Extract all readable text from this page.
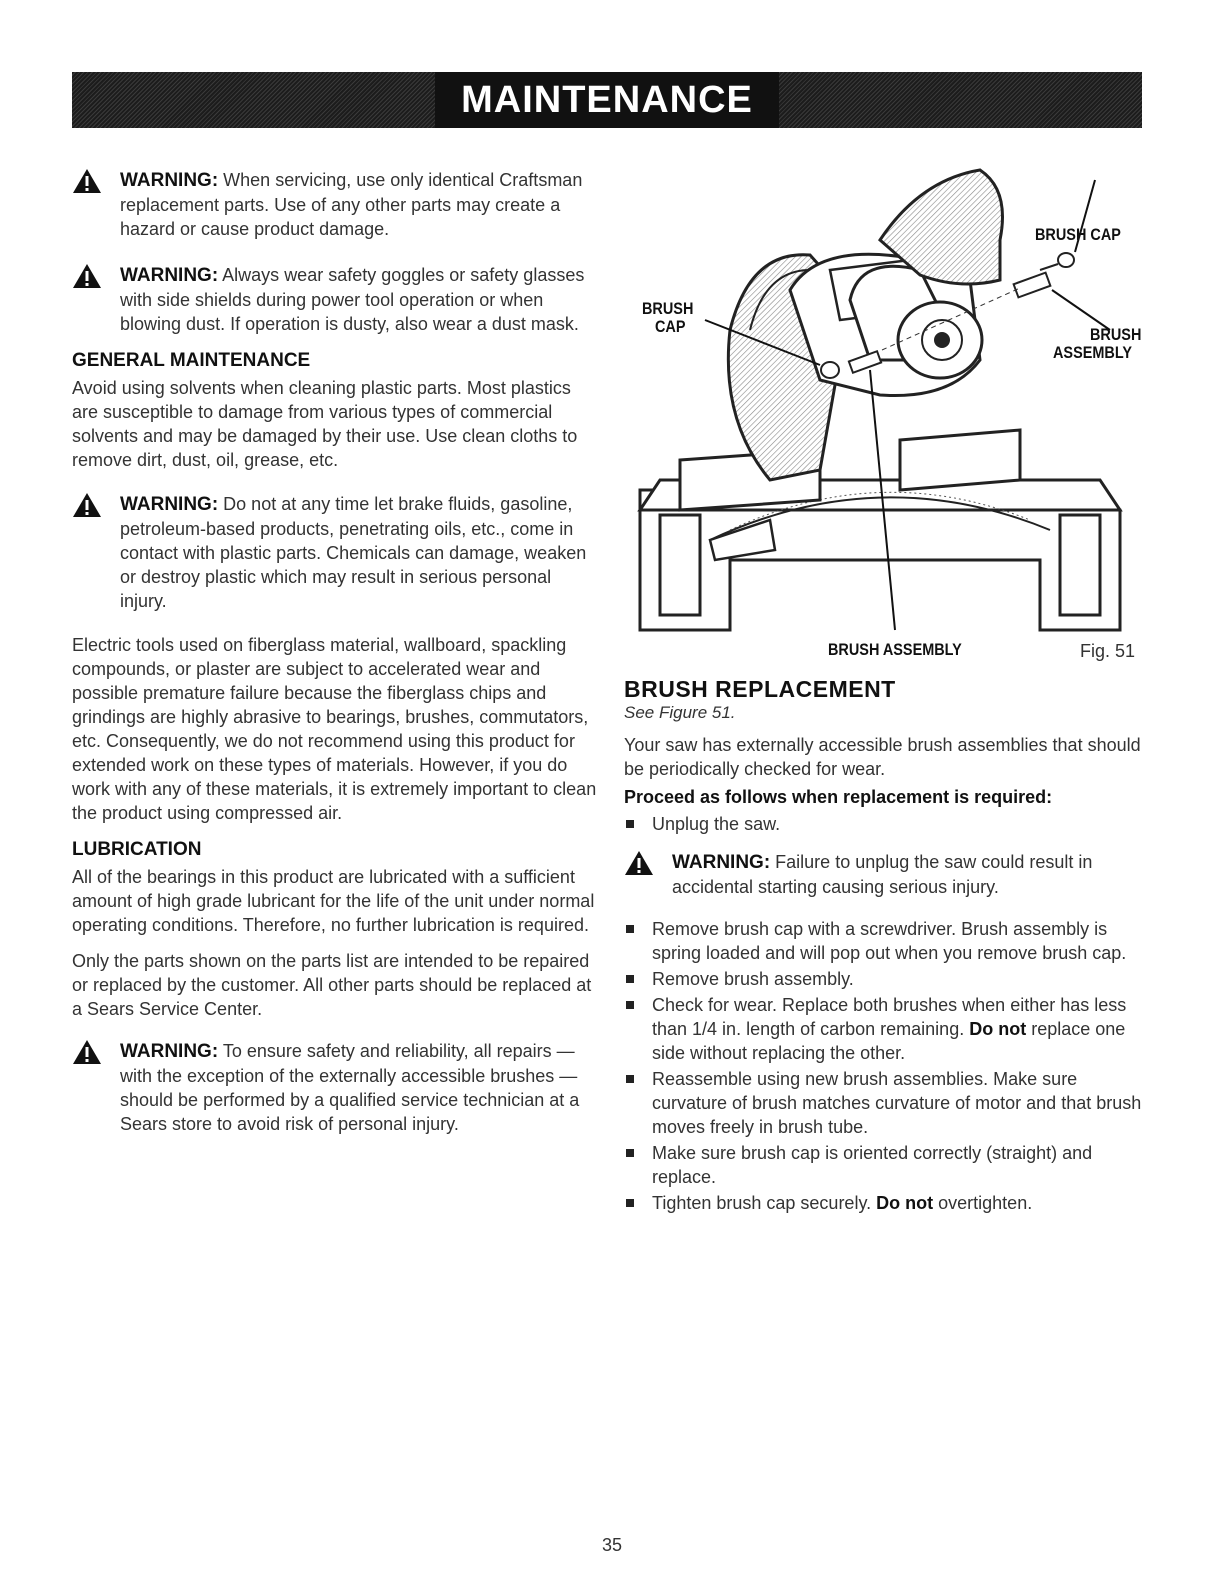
MAINTENANCE
WARNING: When servicing, use only identical Craftsman replacement parts. Use of any other parts may create a hazard or cause product damage.
WARNING: Always wear safety goggles or safety glasses with side shields during power tool operation or when blowing dust. If operation is dusty, also wear a dust mask.
GENERAL MAINTENANCE

Avoid using solvents when cleaning plastic parts. Most plastics are susceptible to damage from various types of commercial solvents and may be damaged by their use. Use clean cloths to remove dirt, dust, oil, grease, etc.

WARNING: Do not at any time let brake fluids, gasoline, petroleum-based products, penetrating oils, etc., come in contact with plastic parts. Chemicals can damage, weaken or destroy plastic which may result in serious personal injury.

Electric tools used on fiberglass material, wallboard, spackling compounds, or plaster are subject to accelerated wear and possible premature failure because the fiberglass chips and grindings are highly abrasive to bearings, brushes, commutators, etc. Consequently, we do not recommend using this product for extended work on these types of materials. However, if you do work with any of these materials, it is extremely important to clean the product using compressed air.

LUBRICATION

All of the bearings in this product are lubricated with a sufficient amount of high grade lubricant for the life of the unit under normal operating conditions. Therefore, no further lubrication is required.

Only the parts shown on the parts list are intended to be repaired or replaced by the customer. All other parts should be replaced at a Sears Service Center.

WARNING: To ensure safety and reliability, all repairs — with the exception of the externally accessible brushes — should be performed by a qualified service technician at a Sears store to avoid risk of personal injury.
BRUSH CAP
BRUSH
CAP	BRUSH
ASSEMBLY
BRUSH ASSEMBLY	Fig. 51
BRUSH REPLACEMENT
See Figure 51.

Your saw has externally accessible brush assemblies that should be periodically checked for wear.

Proceed as follows when replacement is required:
Unplug the saw.
WARNING: Failure to unplug the saw could result in accidental starting causing serious injury.
Remove brush cap with a screwdriver. Brush assembly is spring loaded and will pop out when you remove brush cap.
Remove brush assembly.
Check for wear. Replace both brushes when either has less than 1/4 in. length of carbon remaining. Do not replace one side without replacing the other.
Reassemble using new brush assemblies. Make sure curvature of brush matches curvature of motor and that brush moves freely in brush tube.
Make sure brush cap is oriented correctly (straight) and replace.
Tighten brush cap securely. Do not overtighten.
35
